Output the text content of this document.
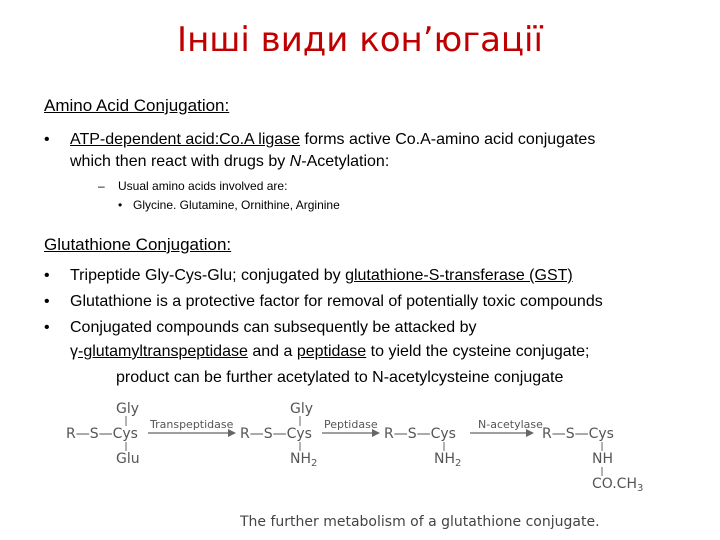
Інші види кон’югації
Amino Acid Conjugation:
• ATP-dependent acid:Co.A ligase forms active Co.A-amino acid conjugates
which then react with drugs by N-Acetylation:
– Usual amino acids involved are:
• Glycine. Glutamine, Ornithine, Arginine
Glutathione Conjugation:
• Tripeptide Gly-Cys-Glu; conjugated by glutathione-S-transferase (GST)
• Glutathione is a protective factor for removal of potentially toxic compounds
• Conjugated compounds can subsequently be attacked by
γ-glutamyltranspeptidase and a peptidase to yield the cysteine conjugate;
product can be further acetylated to N-acetylcysteine conjugate
Gly
R—S—Cys
Glu
Transpeptidase
Gly
R—S—Cys
$NH_2$
Peptidase
R—S—Cys
$NH_2$
N-acetylase
R—S—Cys
NH
$CO.CH_3$
The further metabolism of a glutathione conjugate.
